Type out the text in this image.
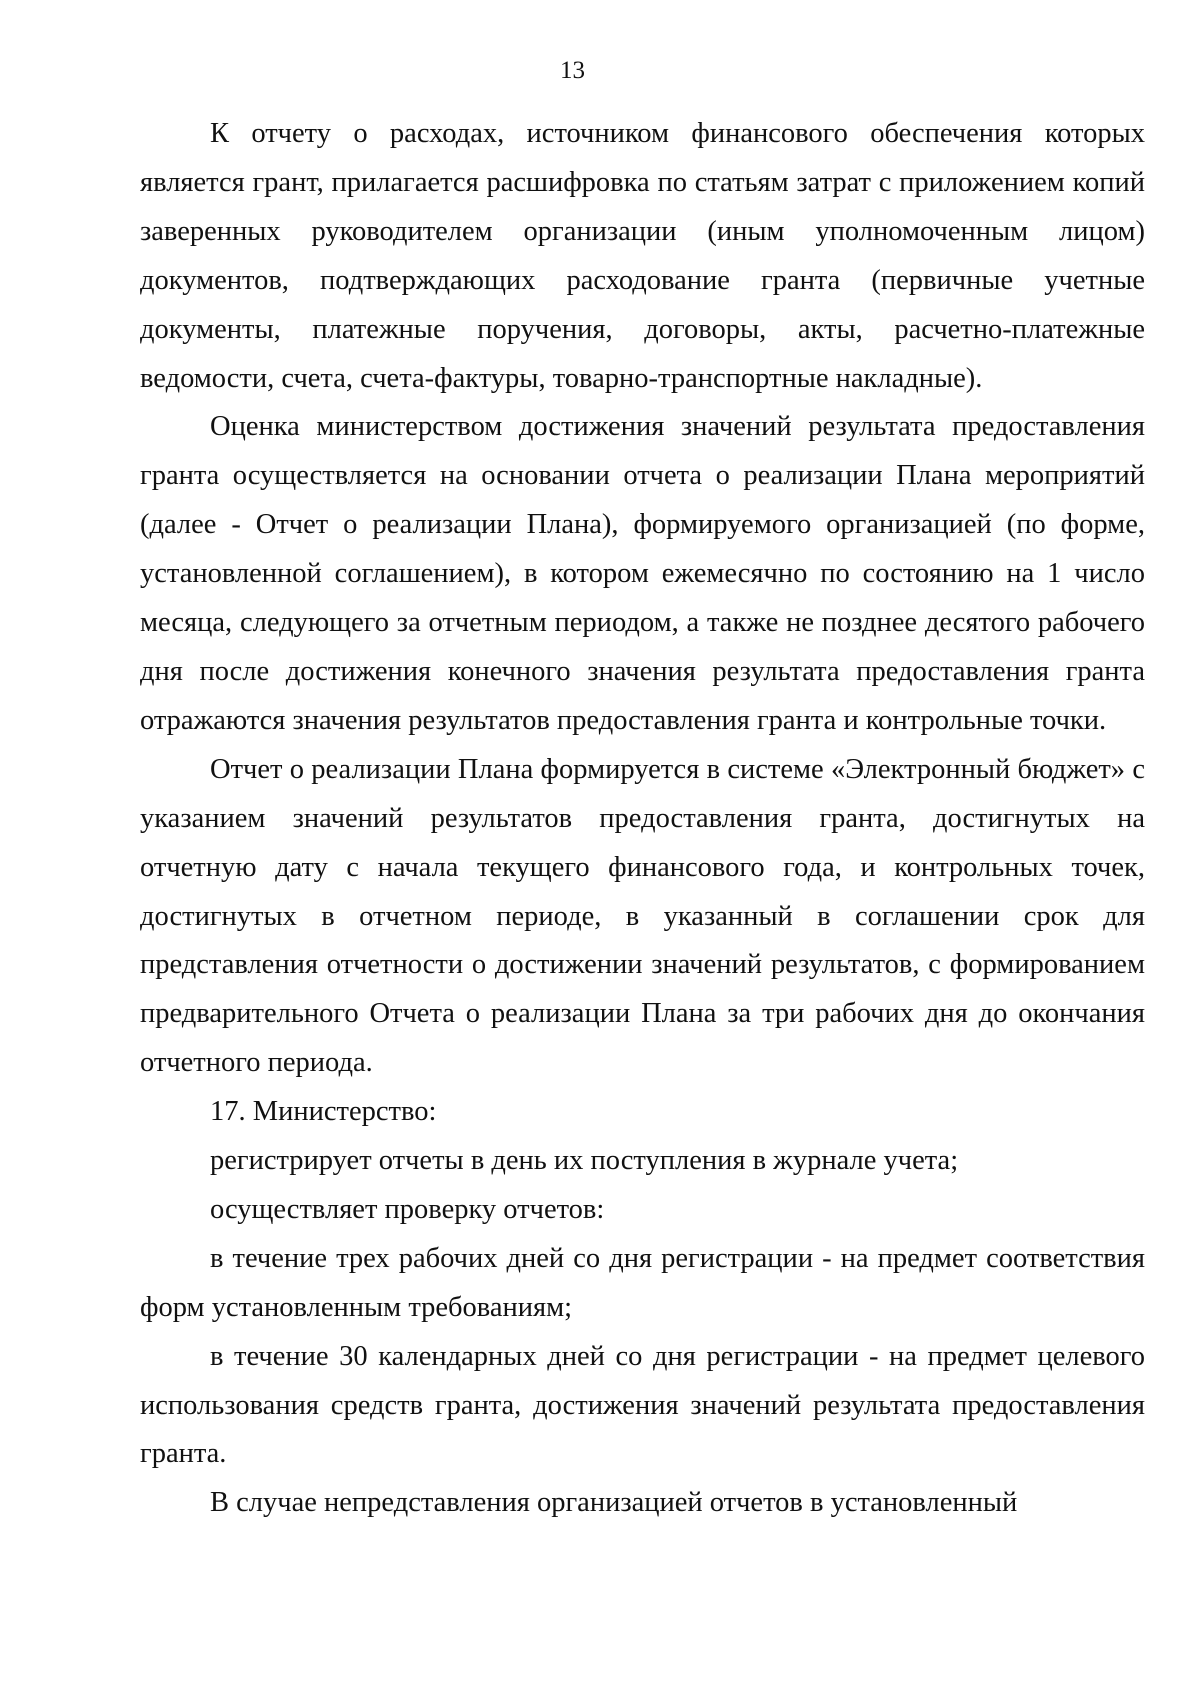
13

К отчету о расходах, источником финансового обеспечения которых является грант, прилагается расшифровка по статьям затрат с приложением копий заверенных руководителем организации (иным уполномоченным лицом) документов, подтверждающих расходование гранта (первичные учетные документы, платежные поручения, договоры, акты, расчетно-платежные ведомости, счета, счета-фактуры, товарно-транспортные накладные).

Оценка министерством достижения значений результата предоставления гранта осуществляется на основании отчета о реализации Плана мероприятий (далее - Отчет о реализации Плана), формируемого организацией (по форме, установленной соглашением), в котором ежемесячно по состоянию на 1 число месяца, следующего за отчетным периодом, а также не позднее десятого рабочего дня после достижения конечного значения результата предоставления гранта отражаются значения результатов предоставления гранта и контрольные точки.

Отчет о реализации Плана формируется в системе «Электронный бюджет» с указанием значений результатов предоставления гранта, достигнутых на отчетную дату с начала текущего финансового года, и контрольных точек, достигнутых в отчетном периоде, в указанный в соглашении срок для представления отчетности о достижении значений результатов, с формированием предварительного Отчета о реализации Плана за три рабочих дня до окончания отчетного периода.

17. Министерство:

регистрирует отчеты в день их поступления в журнале учета;

осуществляет проверку отчетов:

в течение трех рабочих дней со дня регистрации - на предмет соответствия форм установленным требованиям;

в течение 30 календарных дней со дня регистрации - на предмет целевого использования средств гранта, достижения значений результата предоставления гранта.

В случае непредставления организацией отчетов в установленный
